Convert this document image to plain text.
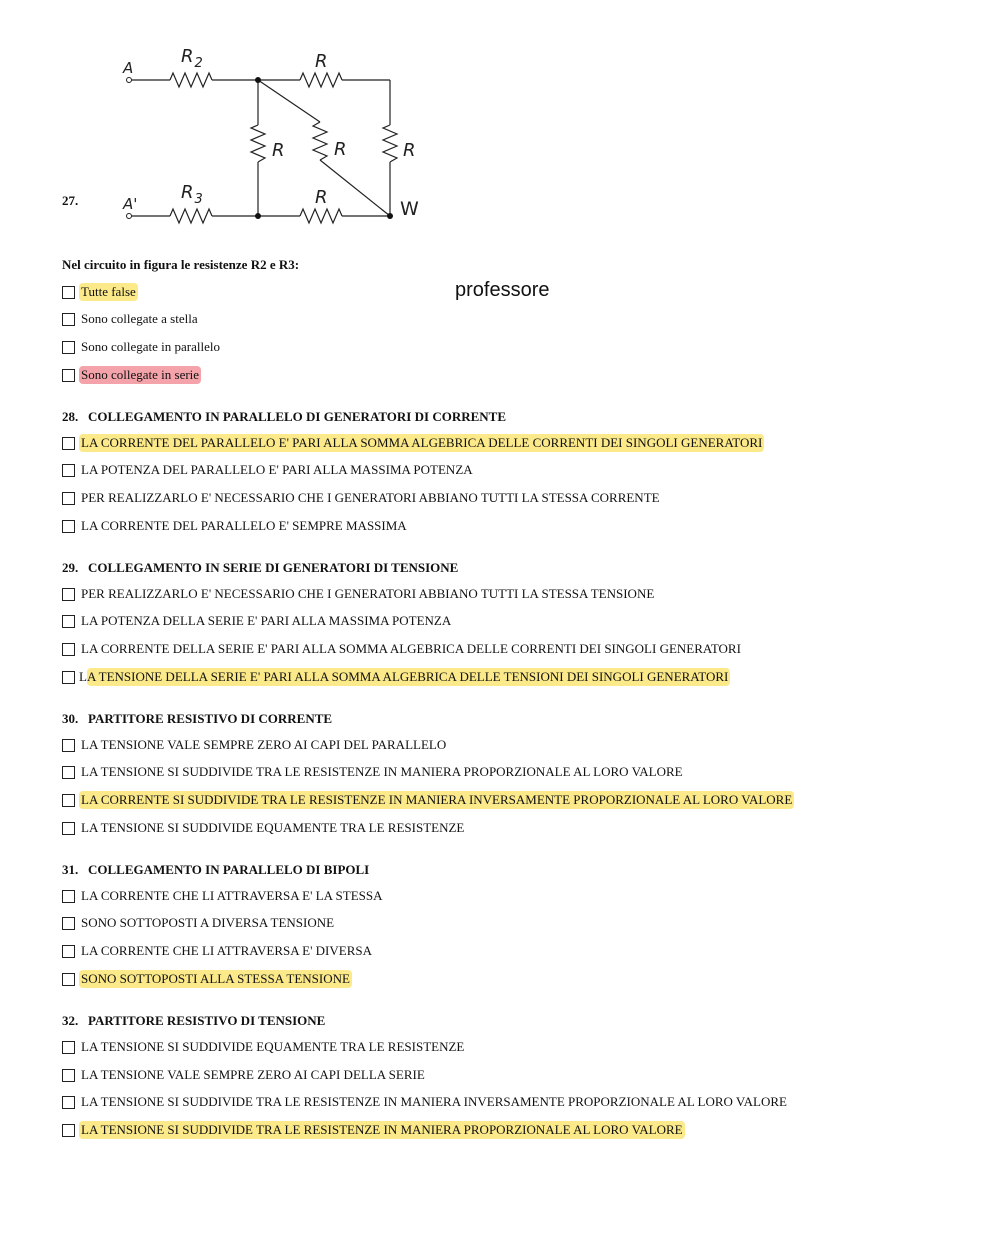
A
A'
$R_2$
$R_3$
R
R	R	R
R
W
27.
Nel circuito in figura le resistenze R2 e R3:
professore
Tutte false
Sono collegate a stella
Sono collegate in parallelo
Sono collegate in serie
28. COLLEGAMENTO IN PARALLELO DI GENERATORI DI CORRENTE
LA CORRENTE DEL PARALLELO E' PARI ALLA SOMMA ALGEBRICA DELLE CORRENTI DEI SINGOLI GENERATORI
LA POTENZA DEL PARALLELO E' PARI ALLA MASSIMA POTENZA
PER REALIZZARLO E' NECESSARIO CHE I GENERATORI ABBIANO TUTTI LA STESSA CORRENTE
LA CORRENTE DEL PARALLELO E' SEMPRE MASSIMA
29. COLLEGAMENTO IN SERIE DI GENERATORI DI TENSIONE
PER REALIZZARLO E' NECESSARIO CHE I GENERATORI ABBIANO TUTTI LA STESSA TENSIONE
LA POTENZA DELLA SERIE E' PARI ALLA MASSIMA POTENZA
LA CORRENTE DELLA SERIE E' PARI ALLA SOMMA ALGEBRICA DELLE CORRENTI DEI SINGOLI GENERATORI
L A TENSIONE DELLA SERIE E' PARI ALLA SOMMA ALGEBRICA DELLE TENSIONI DEI SINGOLI GENERATORI
30. PARTITORE RESISTIVO DI CORRENTE
LA TENSIONE VALE SEMPRE ZERO AI CAPI DEL PARALLELO
LA TENSIONE SI SUDDIVIDE TRA LE RESISTENZE IN MANIERA PROPORZIONALE AL LORO VALORE
LA CORRENTE SI SUDDIVIDE TRA LE RESISTENZE IN MANIERA INVERSAMENTE PROPORZIONALE AL LORO VALORE
LA TENSIONE SI SUDDIVIDE EQUAMENTE TRA LE RESISTENZE
31. COLLEGAMENTO IN PARALLELO DI BIPOLI
LA CORRENTE CHE LI ATTRAVERSA E' LA STESSA
SONO SOTTOPOSTI A DIVERSA TENSIONE
LA CORRENTE CHE LI ATTRAVERSA E' DIVERSA
SONO SOTTOPOSTI ALLA STESSA TENSIONE
32. PARTITORE RESISTIVO DI TENSIONE
LA TENSIONE SI SUDDIVIDE EQUAMENTE TRA LE RESISTENZE
LA TENSIONE VALE SEMPRE ZERO AI CAPI DELLA SERIE
LA TENSIONE SI SUDDIVIDE TRA LE RESISTENZE IN MANIERA INVERSAMENTE PROPORZIONALE AL LORO VALORE
LA TENSIONE SI SUDDIVIDE TRA LE RESISTENZE IN MANIERA PROPORZIONALE AL LORO VALORE
